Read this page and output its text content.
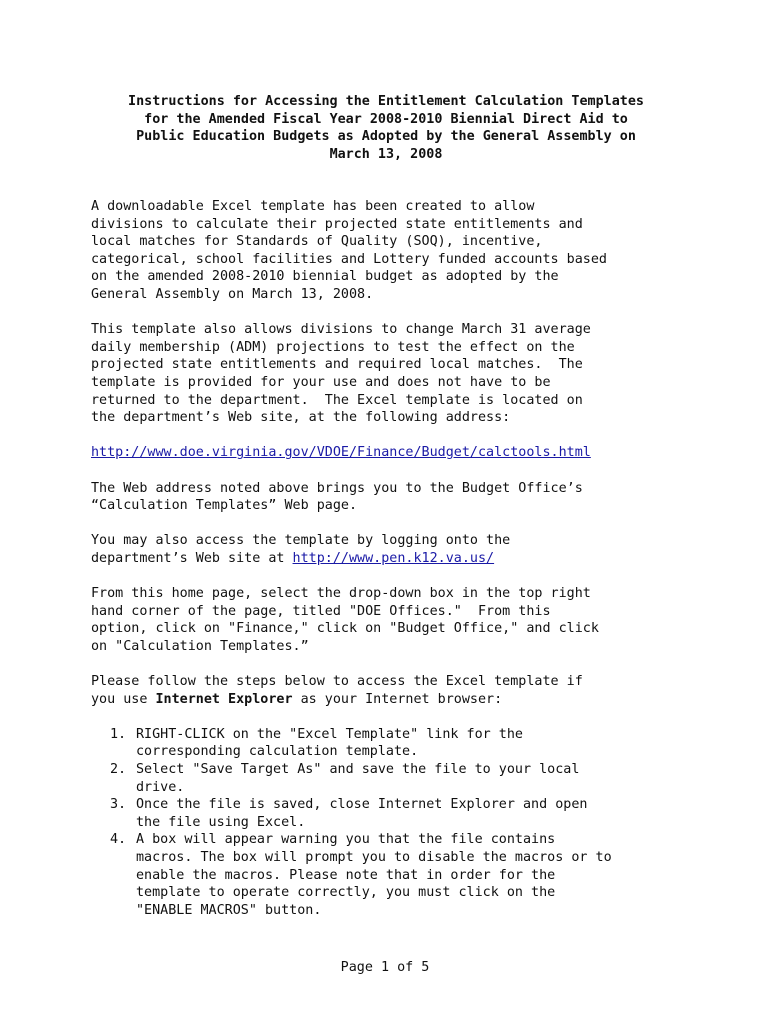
Instructions for Accessing the Entitlement Calculation Templates
for the Amended Fiscal Year 2008-2010 Biennial Direct Aid to
Public Education Budgets as Adopted by the General Assembly on
March 13, 2008
A downloadable Excel template has been created to allow
divisions to calculate their projected state entitlements and
local matches for Standards of Quality (SOQ), incentive,
categorical, school facilities and Lottery funded accounts based
on the amended 2008-2010 biennial budget as adopted by the
General Assembly on March 13, 2008.
This template also allows divisions to change March 31 average
daily membership (ADM) projections to test the effect on the
projected state entitlements and required local matches.  The
template is provided for your use and does not have to be
returned to the department.  The Excel template is located on
the department’s Web site, at the following address:
http://www.doe.virginia.gov/VDOE/Finance/Budget/calctools.html
The Web address noted above brings you to the Budget Office’s
“Calculation Templates” Web page.
You may also access the template by logging onto the
department’s Web site at http://www.pen.k12.va.us/
From this home page, select the drop-down box in the top right
hand corner of the page, titled "DOE Offices."  From this
option, click on "Finance," click on "Budget Office," and click
on "Calculation Templates.”
Please follow the steps below to access the Excel template if
you use Internet Explorer as your Internet browser:
1. RIGHT-CLICK on the "Excel Template" link for the
corresponding calculation template.
2. Select "Save Target As" and save the file to your local
drive.
3. Once the file is saved, close Internet Explorer and open
the file using Excel.
4. A box will appear warning you that the file contains
macros. The box will prompt you to disable the macros or to
enable the macros. Please note that in order for the
template to operate correctly, you must click on the
"ENABLE MACROS" button.
Page 1 of 5
